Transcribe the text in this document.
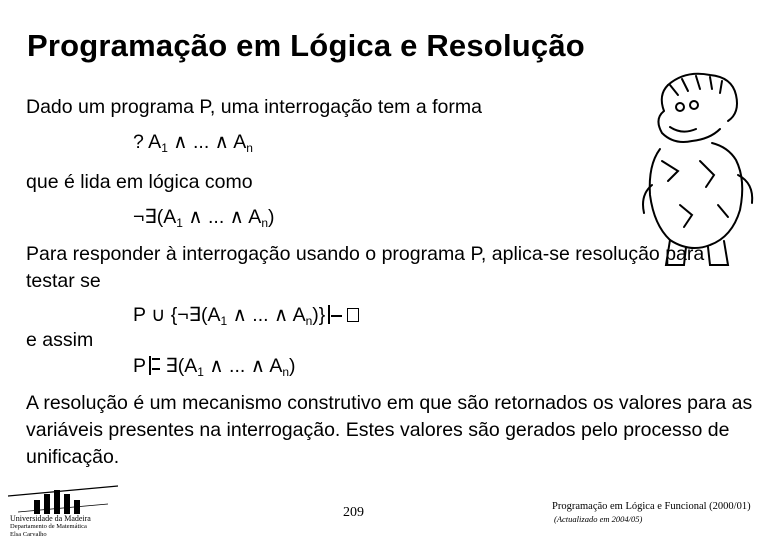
Programação em Lógica e Resolução
Dado um programa P, uma interrogação tem a forma
? $A_1$ ∧ ... ∧ $A_n$
que é lida em lógica como
$\neg\exists(A_1$ ∧ ... ∧ $A_n$)
Para responder à interrogação usando o programa P, aplica-se resolução para testar se
P ∪ {$\neg\exists(A_1$ ∧ ... ∧ $A_n$)}
e assim
P $\exists(A_1$ ∧ ... ∧ $A_n$)
A resolução é um mecanismo construtivo em que são retornados os valores para as variáveis presentes na interrogação. Estes valores são gerados pelo processo de unificação.
Universidade da Madeira
Departamento de Matemática
Elsa Carvalho
209	Programação em Lógica e Funcional (2000/01)
(Actualizado em 2004/05)
